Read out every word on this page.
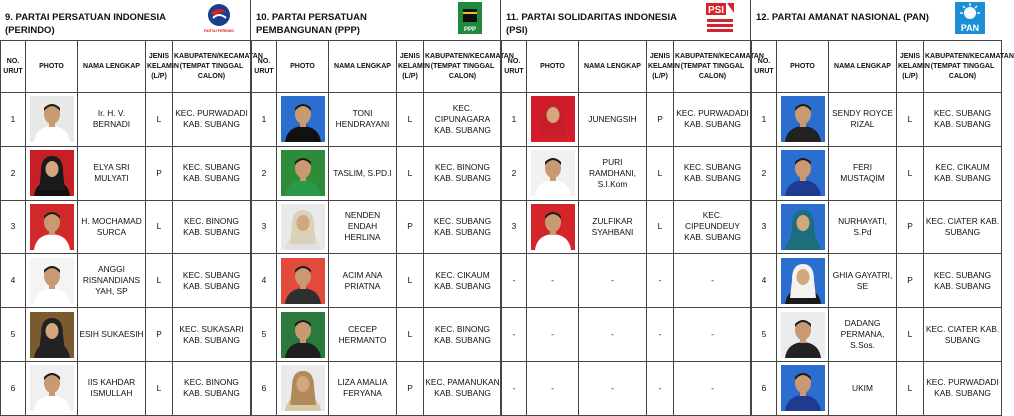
9. PARTAI PERSATUAN INDONESIA
(PERINDO)	PARTAI PERINDO
NO. URUT	PHOTO	NAMA LENGKAP	JENIS KELAMIN (L/P)	KABUPATEN/KECAMATAN (TEMPAT TINGGAL CALON)
1		Ir. H. V. BERNADI	L	KEC. PURWADADI KAB. SUBANG
2		ELYA SRI MULYATI	P	KEC. SUBANG KAB. SUBANG
3		H. MOCHAMAD SURCA	L	KEC. BINONG KAB. SUBANG
4		ANGGI RISNANDIANS YAH, SP	L	KEC. SUBANG KAB. SUBANG
5		ESIH SUKAESIH	P	KEC. SUKASARI KAB. SUBANG
6		IIS KAHDAR ISMULLAH	L	KEC. BINONG KAB. SUBANG
10. PARTAI PERSATUAN
PEMBANGUNAN (PPP)	PPP
NO. URUT	PHOTO	NAMA LENGKAP	JENIS KELAMIN (L/P)	KABUPATEN/KECAMATAN (TEMPAT TINGGAL CALON)
1		TONI HENDRAYANI	L	KEC. CIPUNAGARA KAB. SUBANG
2		TASLIM, S.PD.I	L	KEC. BINONG KAB. SUBANG
3		NENDEN ENDAH HERLINA	P	KEC. SUBANG KAB. SUBANG
4		ACIM ANA PRIATNA	L	KEC. CIKAUM KAB. SUBANG
5		CECEP HERMANTO	L	KEC. BINONG KAB. SUBANG
6		LIZA AMALIA FERYANA	P	KEC. PAMANUKAN KAB. SUBANG
11. PARTAI SOLIDARITAS INDONESIA
(PSI)
PSI
NO. URUT	PHOTO	NAMA LENGKAP	JENIS KELAMIN (L/P)	KABUPATEN/KECAMATAN (TEMPAT TINGGAL CALON)
1		JUNENGSIH	P	KEC. PURWADADI KAB. SUBANG
2		PURI RAMDHANI, S.I.Kom	L	KEC. SUBANG KAB. SUBANG
3		ZULFIKAR SYAHBANI	L	KEC. CIPEUNDEUY KAB. SUBANG
-	-	-	-	-
-	-	-	-	-
-	-	-	-	-
12. PARTAI AMANAT NASIONAL (PAN)
PAN
NO. URUT	PHOTO	NAMA LENGKAP	JENIS KELAMIN (L/P)	KABUPATEN/KECAMATAN (TEMPAT TINGGAL CALON)
1		SENDY ROYCE RIZAL	L	KEC. SUBANG KAB. SUBANG
2		FERI MUSTAQIM	L	KEC. CIKAUM KAB. SUBANG
3		NURHAYATI, S.Pd	P	KEC. CIATER KAB. SUBANG
4		GHIA GAYATRI, SE	P	KEC. SUBANG KAB. SUBANG
5		DADANG PERMANA, S.Sos.	L	KEC. CIATER KAB. SUBANG
6		UKIM	L	KEC. PURWADADI KAB. SUBANG
